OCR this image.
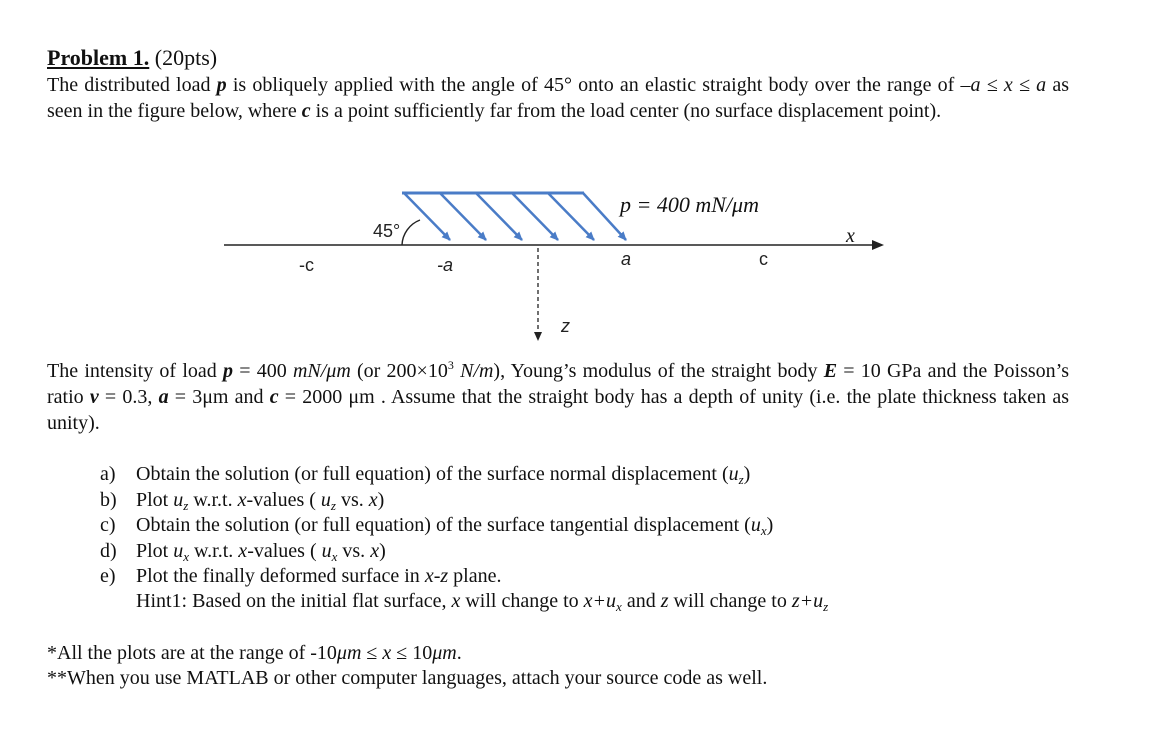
Problem 1. (20pts)
The distributed load p is obliquely applied with the angle of 45° onto an elastic straight body over the range of –a ≤ x ≤ a as seen in the figure below, where c is a point sufficiently far from the load center (no surface displacement point).
45°
p = 400 mN/μm
x
z
-c	-a	a	c
The intensity of load p = 400 mN/μm (or $200\times 10^3$ N/m), Young’s modulus of the straight body E = 10 GPa and the Poisson’s ratio ν = 0.3, a = 3μm and c = 2000 μm . Assume that the straight body has a depth of unity (i.e. the plate thickness taken as unity).
a)	Obtain the solution (or full equation) of the surface normal displacement $(u_z)$
b) Plot $u_z$ w.r.t. x-values ( $u_z$ vs. x)
c)	Obtain the solution (or full equation) of the surface tangential displacement $(u_x)$
d) Plot $u_x$ w.r.t. x-values ( $u_x$ vs. x)
e)	Plot the finally deformed surface in x-z plane.
Hint1: Based on the initial flat surface, x will change to $x+u_x$ and z will change to $z+u_z$
*All the plots are at the range of -10μm ≤ x ≤ 10μm.
**When you use MATLAB or other computer languages, attach your source code as well.
